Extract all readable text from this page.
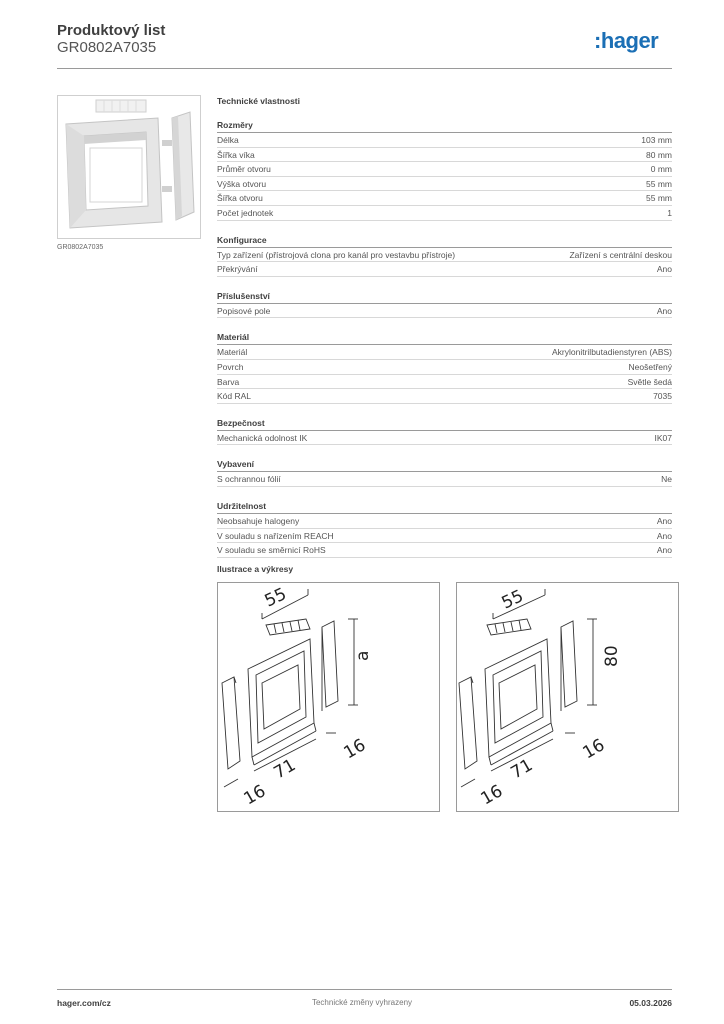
Produktový list
GR0802A7035	:hager
GR0802A7035
Technické vlastnosti
Rozměry
Délka	103 mm
Šířka víka	80 mm
Průměr otvoru	0 mm
Výška otvoru	55 mm
Šířka otvoru	55 mm
Počet jednotek	1
Konfigurace
Typ zařízení (přístrojová clona pro kanál pro vestavbu přístroje)	Zařízení s centrální deskou
Překrývání	Ano
Příslušenství
Popisové pole	Ano
Materiál
Materiál	Akrylonitrilbutadienstyren (ABS)
Povrch	Neošetřený
Barva	Světle šedá
Kód RAL	7035
Bezpečnost
Mechanická odolnost IK	IK07
Vybavení
S ochrannou fólií	Ne
Udržitelnost
Neobsahuje halogeny	Ano
V souladu s nařízením REACH	Ano
V souladu se směrnicí RoHS	Ano
Ilustrace a výkresy
55
a
16
71
16
55
80
16
71
16
hager.com/cz	Technické změny vyhrazeny	05.03.2026
